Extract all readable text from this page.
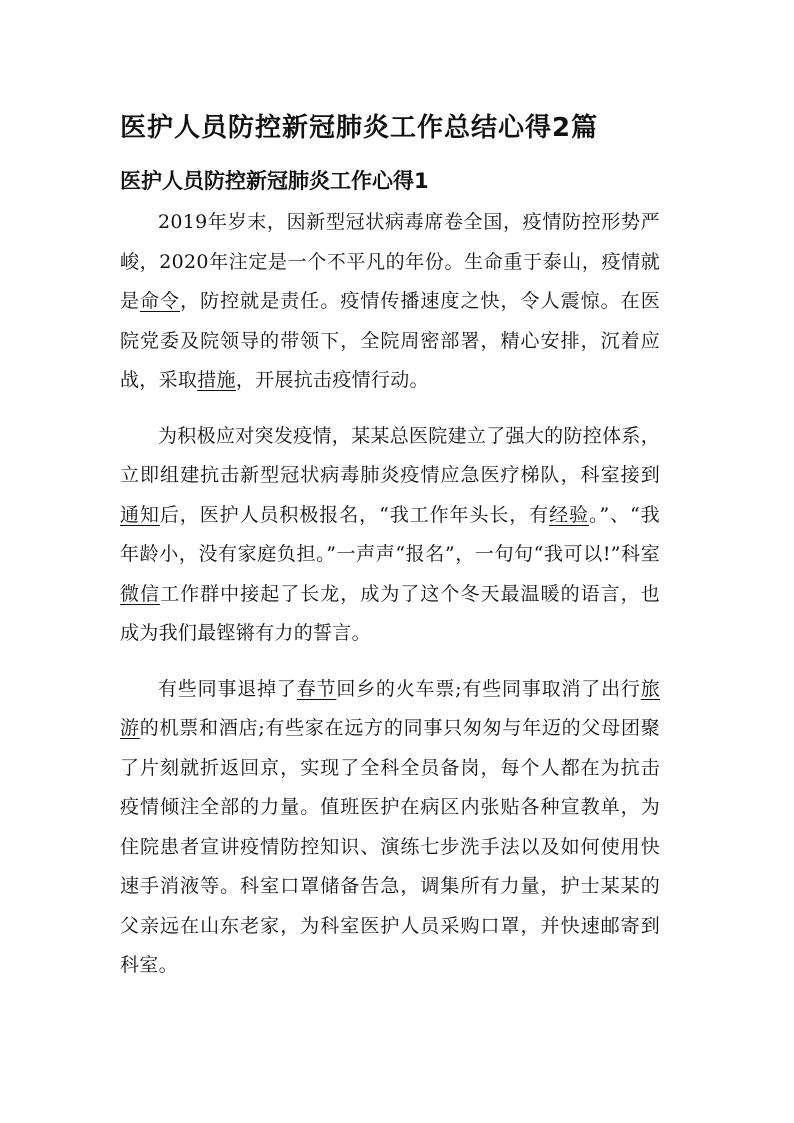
医护人员防控新冠肺炎工作总结心得2篇
医护人员防控新冠肺炎工作心得1

2019年岁末，因新型冠状病毒席卷全国，疫情防控形势严峻，2020年注定是一个不平凡的年份。生命重于泰山，疫情就是命令，防控就是责任。疫情传播速度之快，令人震惊。在医院党委及院领导的带领下，全院周密部署，精心安排，沉着应战，采取措施，开展抗击疫情行动。

为积极应对突发疫情，某某总医院建立了强大的防控体系，立即组建抗击新型冠状病毒肺炎疫情应急医疗梯队，科室接到通知后，医护人员积极报名，“我工作年头长，有经验。”、“我年龄小，没有家庭负担。”一声声“报名”，一句句“我可以!”科室微信工作群中接起了长龙，成为了这个冬天最温暖的语言，也成为我们最铿锵有力的誓言。

有些同事退掉了春节回乡的火车票;有些同事取消了出行旅游的机票和酒店;有些家在远方的同事只匆匆与年迈的父母团聚了片刻就折返回京，实现了全科全员备岗，每个人都在为抗击疫情倾注全部的力量。值班医护在病区内张贴各种宣教单，为住院患者宣讲疫情防控知识、演练七步洗手法以及如何使用快速手消液等。科室口罩储备告急，调集所有力量，护士某某的父亲远在山东老家，为科室医护人员采购口罩，并快速邮寄到科室。
